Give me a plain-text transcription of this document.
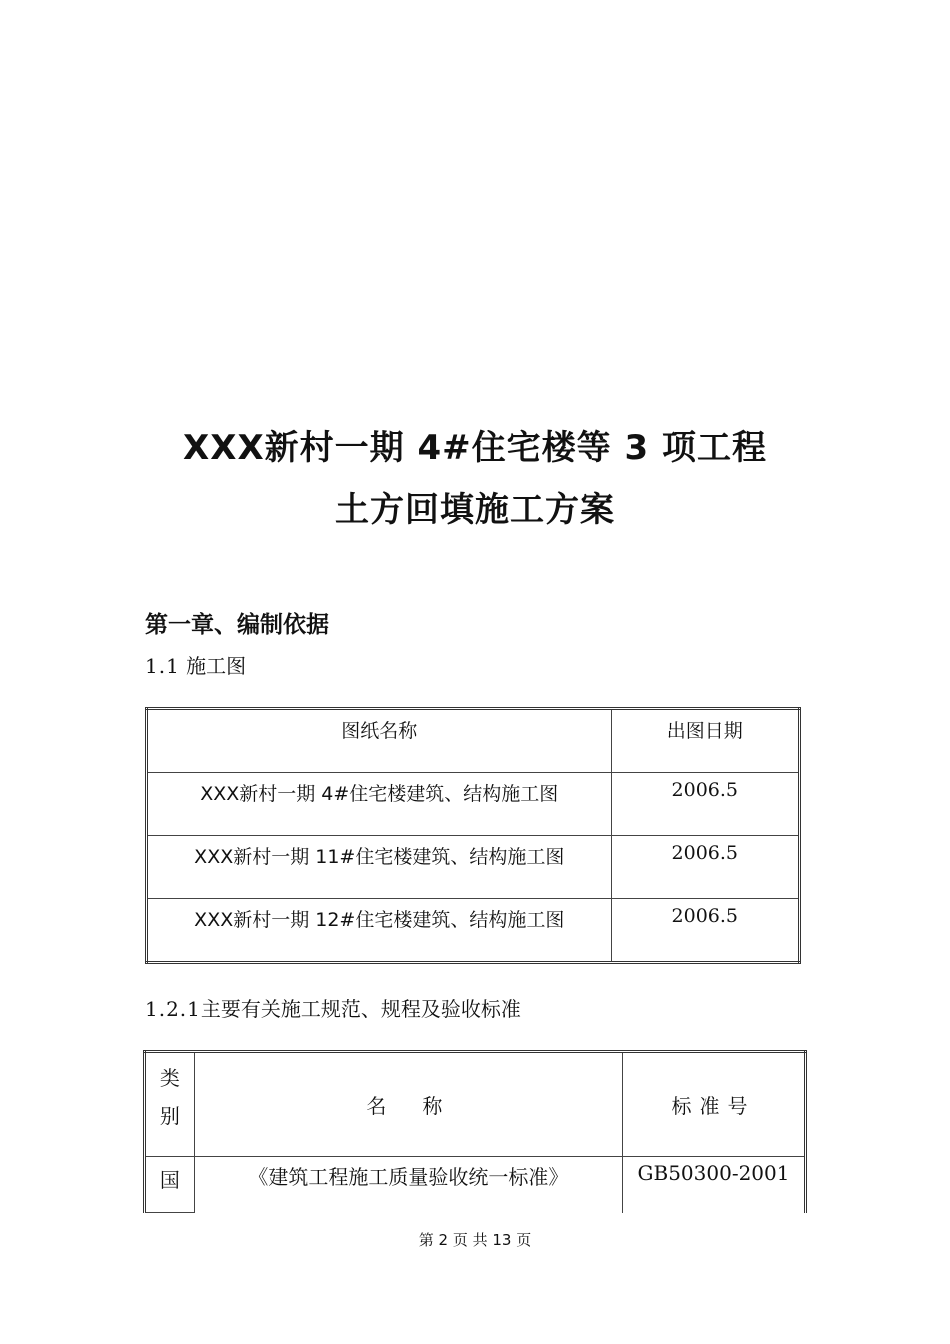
XXX新村一期 4#住宅楼等 3 项工程
土方回填施工方案
第一章、编制依据
1.1 施工图
图纸名称	出图日期
XXX新村一期 4#住宅楼建筑、结构施工图	2006.5
XXX新村一期 11#住宅楼建筑、结构施工图	2006.5
XXX新村一期 12#住宅楼建筑、结构施工图	2006.5
1.2.1主要有关施工规范、规程及验收标准
类
别	名　称	标准号
国	《建筑工程施工质量验收统一标准》	GB50300-2001
第 2 页 共 13 页
